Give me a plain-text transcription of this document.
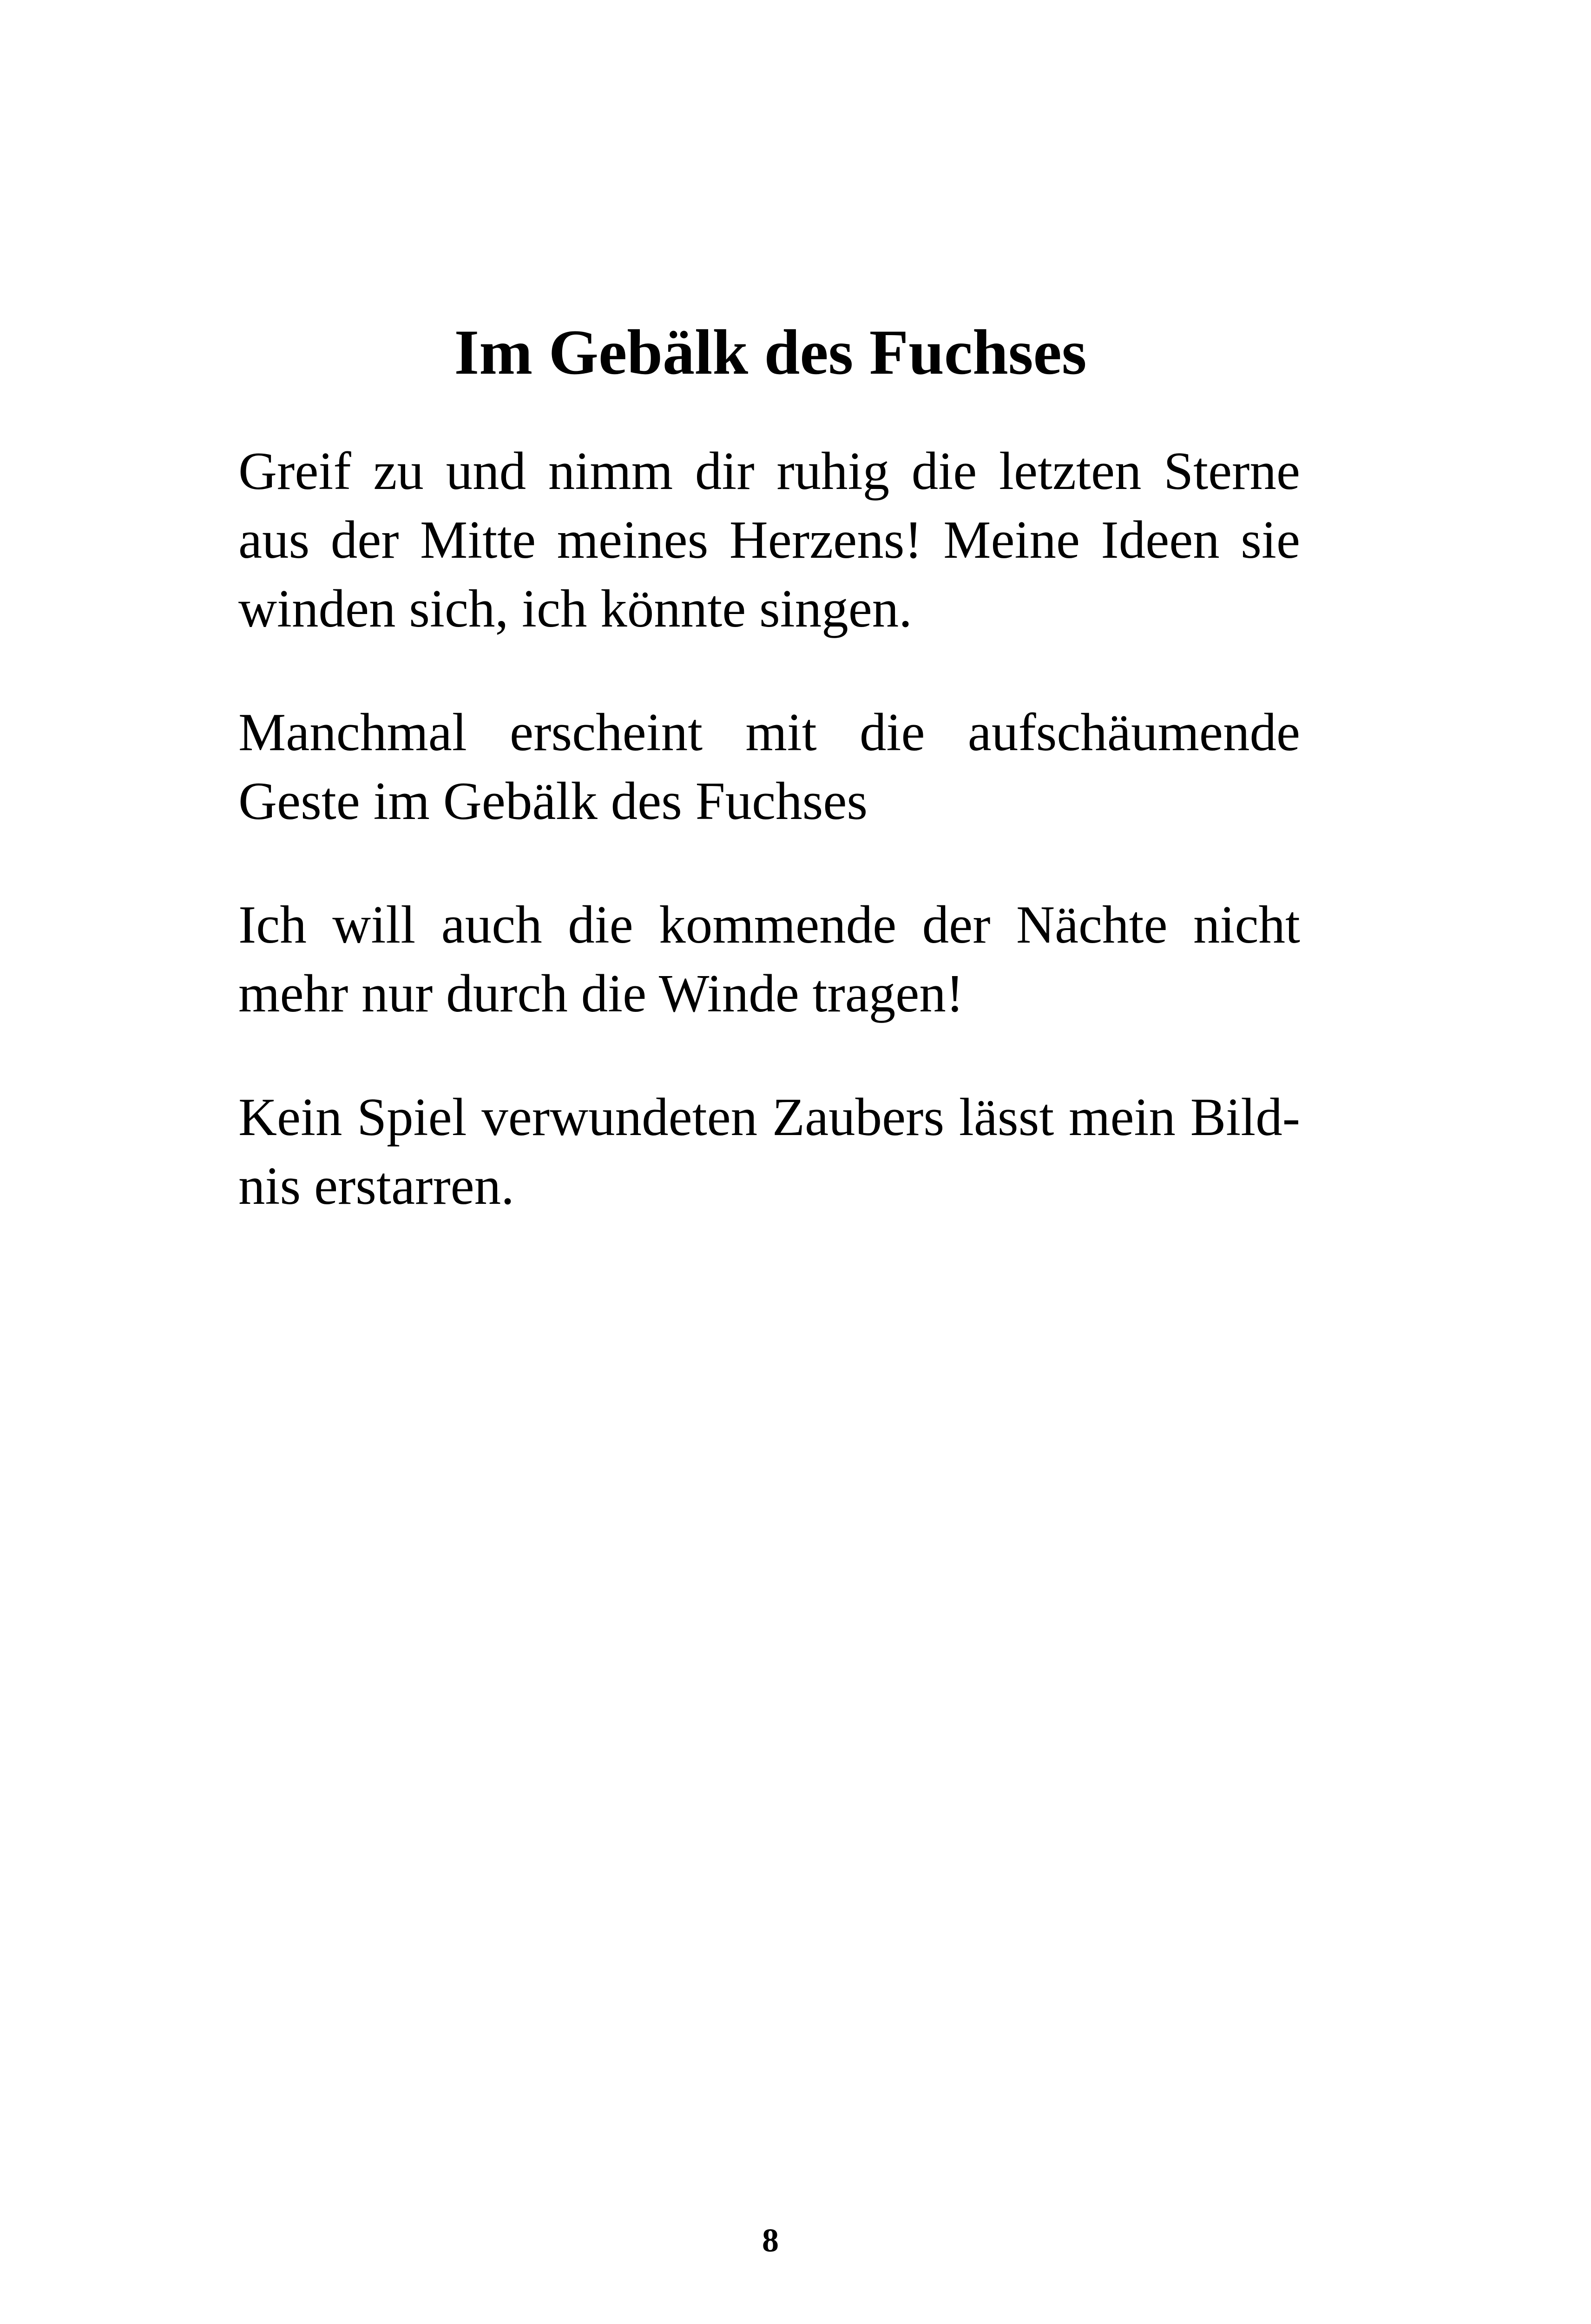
Im Gebälk des Fuchses

Greif zu und nimm dir ruhig die letzten Sterne
aus der Mitte meines Herzens! Meine Ideen sie
winden sich, ich könnte singen.

Manchmal erscheint mit die aufschäumende
Geste im Gebälk des Fuchses

Ich will auch die kommende der Nächte nicht
mehr nur durch die Winde tragen!

Kein Spiel verwundeten Zaubers lässt mein Bild-
nis erstarren.

8
